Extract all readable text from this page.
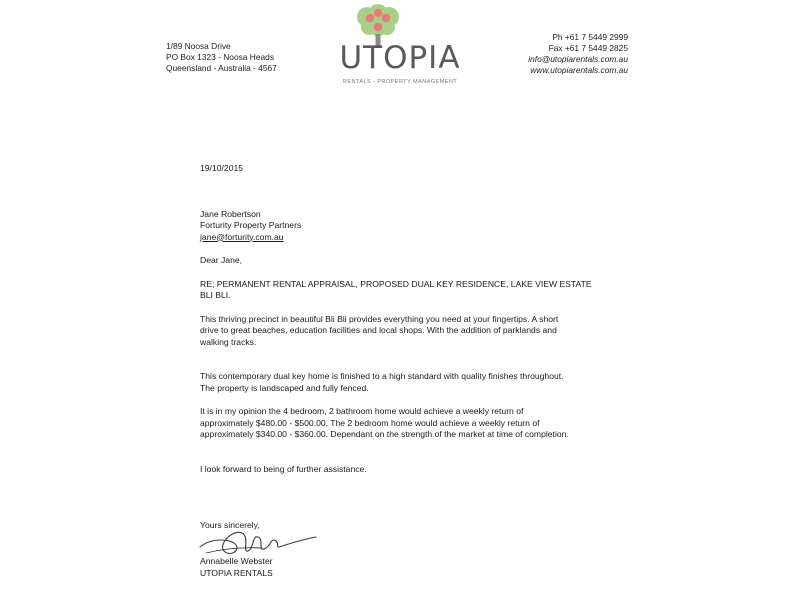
1/89 Noosa Drive
PO Box 1323 - Noosa Heads
Queensland - Australia - 4567 UTOPIA
RENTALS - PROPERTY MANAGEMENT
Ph +61 7 5449 2999
Fax +61 7 5449 2825
info@utopiarentals.com.au
www.utopiarentals.com.au
19/10/2015
Jane Robertson
Forturity Property Partners
jane@forturity.com.au
Dear Jane,
RE; PERMANENT RENTAL APPRAISAL, PROPOSED DUAL KEY RESIDENCE, LAKE VIEW ESTATE
BLI BLI.
This thriving precinct in beautiful Bli Bli provides everything you need at your fingertips. A short
drive to great beaches, education facilities and local shops. With the addition of parklands and
walking tracks.
This contemporary dual key home is finished to a high standard with quality finishes throughout.
The property is landscaped and fully fenced.
It is in my opinion the 4 bedroom, 2 bathroom home would achieve a weekly return of
approximately $480.00 - $500.00. The 2 bedroom home would achieve a weekly return of
approximately $340.00 - $360.00. Dependant on the strength of the market at time of completion.
I look forward to being of further assistance.
Yours sincerely,
Annabelle Webster
UTOPIA RENTALS
